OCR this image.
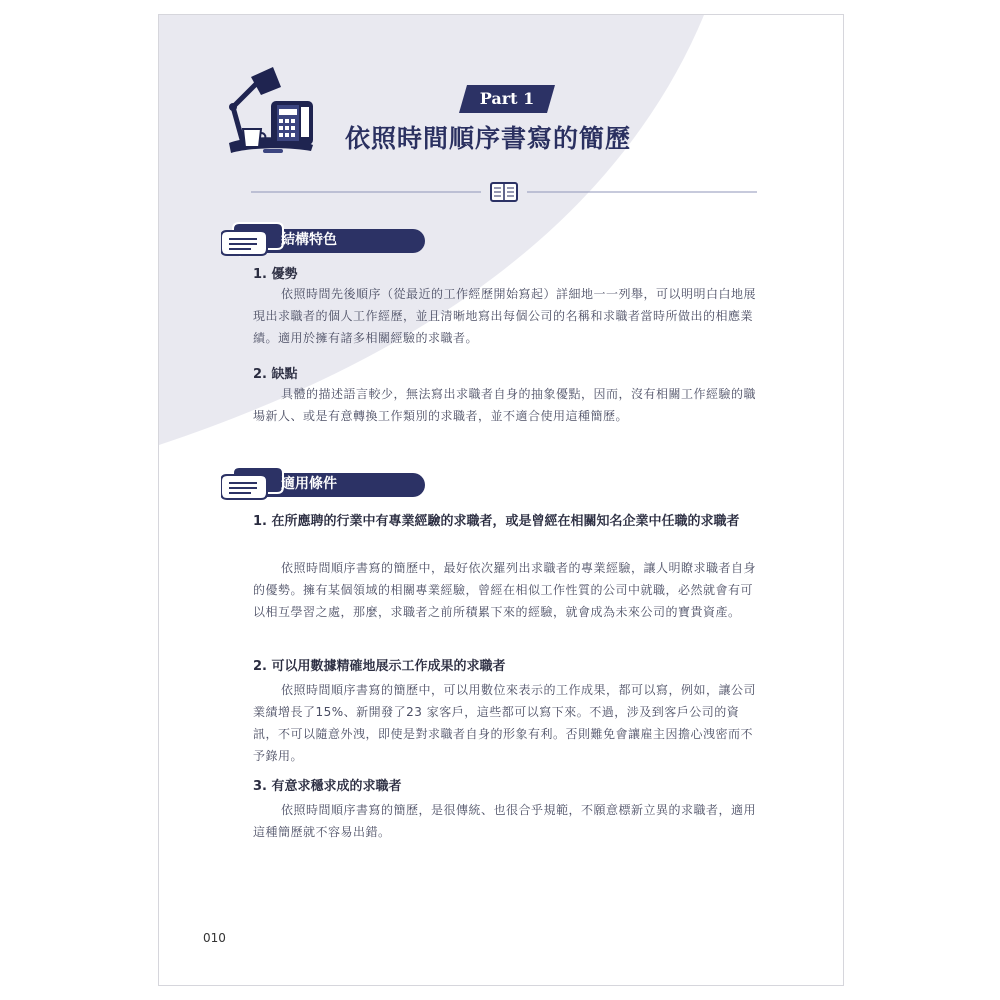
Part 1
依照時間順序書寫的簡歷
結構特色
1. 優勢

依照時間先後順序（從最近的工作經歷開始寫起）詳細地一一列舉，可以明明白白地展現出求職者的個人工作經歷，並且清晰地寫出每個公司的名稱和求職者當時所做出的相應業績。適用於擁有諸多相關經驗的求職者。

2. 缺點

具體的描述語言較少，無法寫出求職者自身的抽象優點，因而，沒有相關工作經驗的職場新人、或是有意轉換工作類別的求職者，並不適合使用這種簡歷。

適用條件
1. 在所應聘的行業中有專業經驗的求職者，或是曾經在相關知名企業中任職的求職者

依照時間順序書寫的簡歷中，最好依次羅列出求職者的專業經驗，讓人明瞭求職者自身的優勢。擁有某個領域的相關專業經驗，曾經在相似工作性質的公司中就職，必然就會有可以相互學習之處，那麼，求職者之前所積累下來的經驗，就會成為未來公司的寶貴資產。

2. 可以用數據精確地展示工作成果的求職者

依照時間順序書寫的簡歷中，可以用數位來表示的工作成果，都可以寫，例如，讓公司業績增長了15%、新開發了23 家客戶，這些都可以寫下來。不過，涉及到客戶公司的資訊，不可以隨意外洩，即使是對求職者自身的形象有利。否則難免會讓雇主因擔心洩密而不予錄用。

3. 有意求穩求成的求職者

依照時間順序書寫的簡歷，是很傳統、也很合乎規範，不願意標新立異的求職者，適用這種簡歷就不容易出錯。

010
